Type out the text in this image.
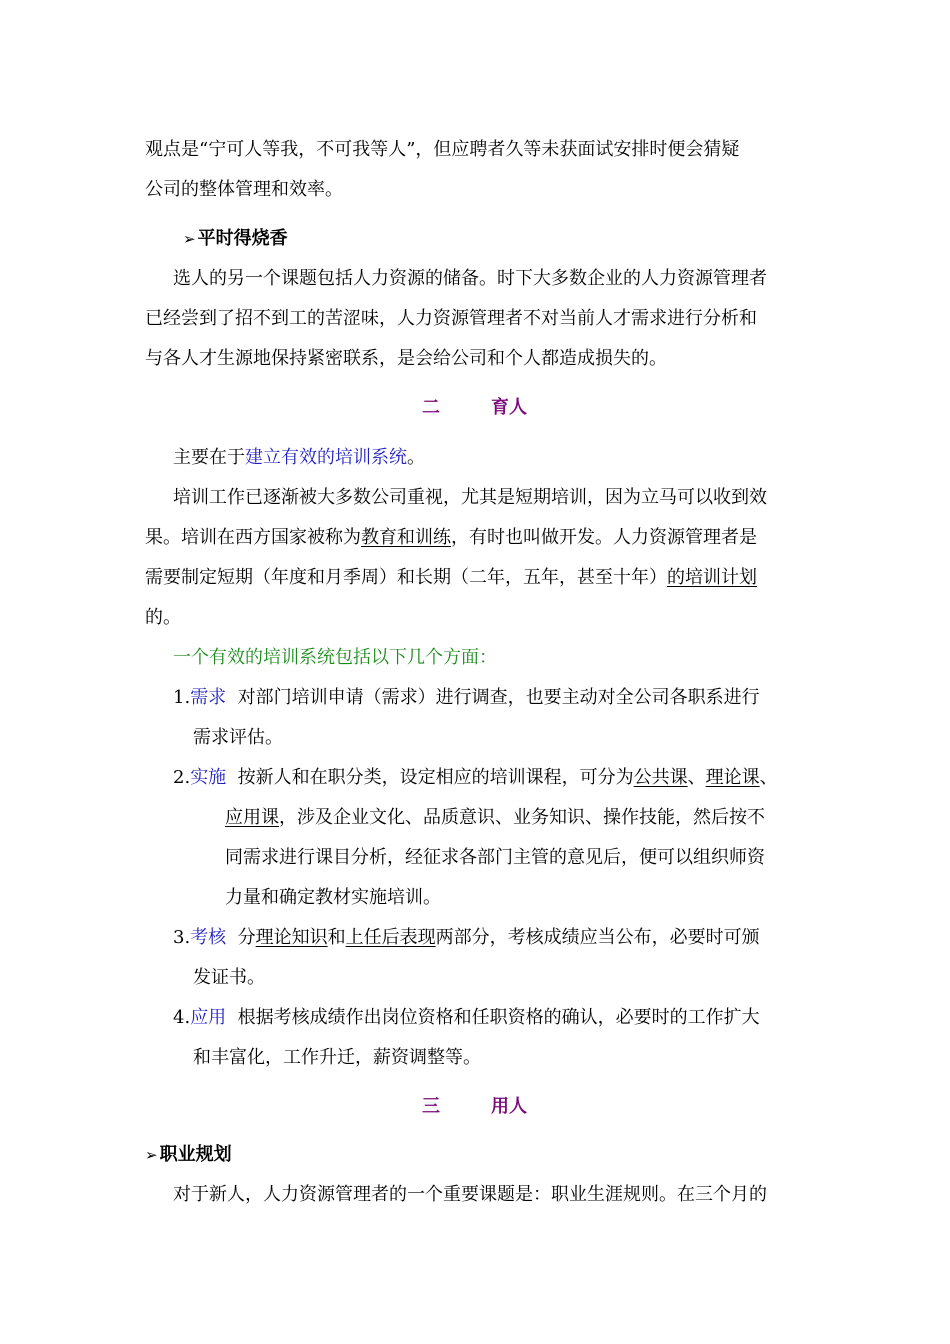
观点是“宁可人等我，不可我等人”，但应聘者久等未获面试安排时便会猜疑
公司的整体管理和效率。
➢ 平时得烧香
选人的另一个课题包括人力资源的储备。时下大多数企业的人力资源管理者
已经尝到了招不到工的苦涩味，人力资源管理者不对当前人才需求进行分析和
与各人才生源地保持紧密联系，是会给公司和个人都造成损失的。
二	育人
主要在于建立有效的培训系统。
培训工作已逐渐被大多数公司重视，尤其是短期培训，因为立马可以收到效
果。培训在西方国家被称为教育和训练，有时也叫做开发。人力资源管理者是
需要制定短期（年度和月季周）和长期（二年，五年，甚至十年）的培训计划
的。
一个有效的培训系统包括以下几个方面：
1.需求 对部门培训申请（需求）进行调查，也要主动对全公司各职系进行
需求评估。
2.实施 按新人和在职分类，设定相应的培训课程，可分为公共课、理论课、
应用课，涉及企业文化、品质意识、业务知识、操作技能，然后按不
同需求进行课目分析，经征求各部门主管的意见后，便可以组织师资
力量和确定教材实施培训。
3.考核 分理论知识和上任后表现两部分，考核成绩应当公布，必要时可颁
发证书。
4.应用 根据考核成绩作出岗位资格和任职资格的确认，必要时的工作扩大
和丰富化，工作升迁，薪资调整等。
三	用人
➢ 职业规划
对于新人，人力资源管理者的一个重要课题是：职业生涯规则。在三个月的
